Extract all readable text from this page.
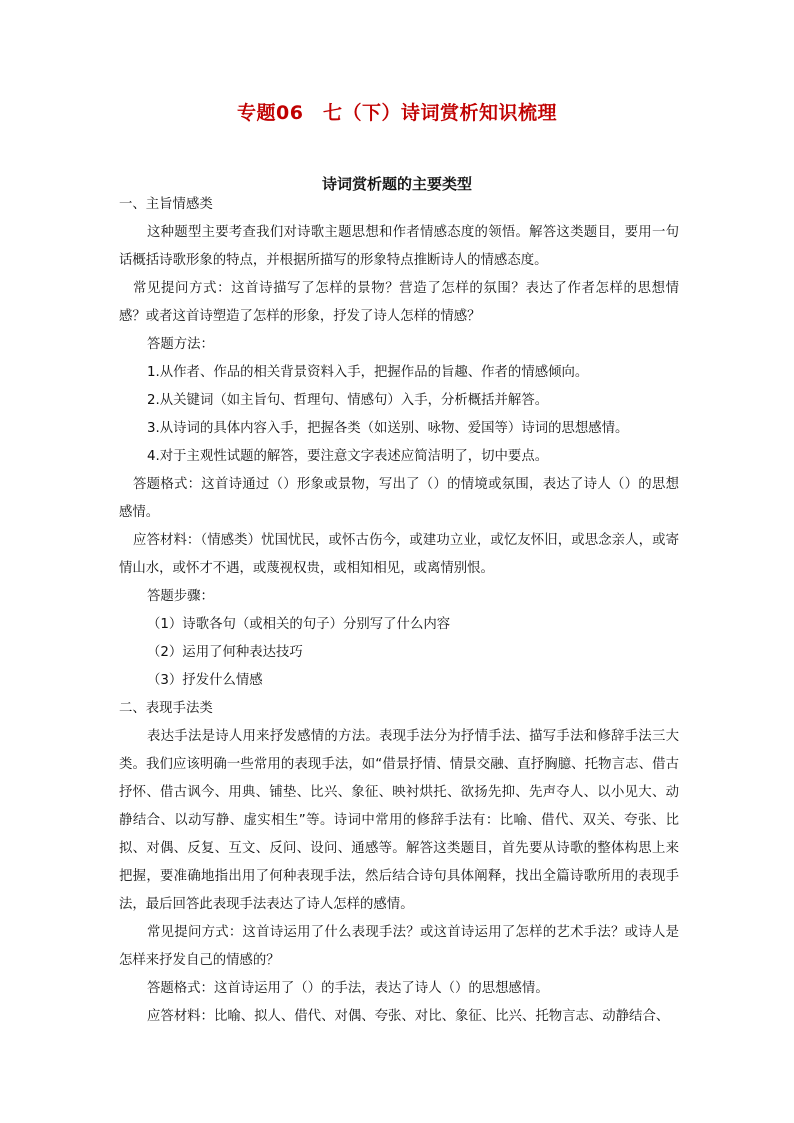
专题06　七（下）诗词赏析知识梳理
诗词赏析题的主要类型

一、主旨情感类

这种题型主要考查我们对诗歌主题思想和作者情感态度的领悟。解答这类题目，要用一句话概括诗歌形象的特点，并根据所描写的形象特点推断诗人的情感态度。

常见提问方式：这首诗描写了怎样的景物？营造了怎样的氛围？表达了作者怎样的思想情感？或者这首诗塑造了怎样的形象，抒发了诗人怎样的情感？

答题方法：

1.从作者、作品的相关背景资料入手，把握作品的旨趣、作者的情感倾向。

2.从关键词（如主旨句、哲理句、情感句）入手，分析概括并解答。

3.从诗词的具体内容入手，把握各类（如送别、咏物、爱国等）诗词的思想感情。

4.对于主观性试题的解答，要注意文字表述应简洁明了，切中要点。

答题格式：这首诗通过（）形象或景物，写出了（）的情境或氛围，表达了诗人（）的思想感情。

应答材料：（情感类）忧国忧民，或怀古伤今，或建功立业，或忆友怀旧，或思念亲人，或寄情山水，或怀才不遇，或蔑视权贵，或相知相见，或离情别恨。

答题步骤：

（1）诗歌各句（或相关的句子）分别写了什么内容

（2）运用了何种表达技巧

（3）抒发什么情感

二、表现手法类

表达手法是诗人用来抒发感情的方法。表现手法分为抒情手法、描写手法和修辞手法三大类。我们应该明确一些常用的表现手法，如“借景抒情、情景交融、直抒胸臆、托物言志、借古抒怀、借古讽今、用典、铺垫、比兴、象征、映衬烘托、欲扬先抑、先声夺人、以小见大、动静结合、以动写静、虚实相生”等。诗词中常用的修辞手法有：比喻、借代、双关、夸张、比拟、对偶、反复、互文、反问、设问、通感等。解答这类题目，首先要从诗歌的整体构思上来把握，要准确地指出用了何种表现手法，然后结合诗句具体阐释，找出全篇诗歌所用的表现手法，最后回答此表现手法表达了诗人怎样的感情。

常见提问方式：这首诗运用了什么表现手法？或这首诗运用了怎样的艺术手法？或诗人是怎样来抒发自己的情感的？

答题格式：这首诗运用了（）的手法，表达了诗人（）的思想感情。

应答材料：比喻、拟人、借代、对偶、夸张、对比、象征、比兴、托物言志、动静结合、
